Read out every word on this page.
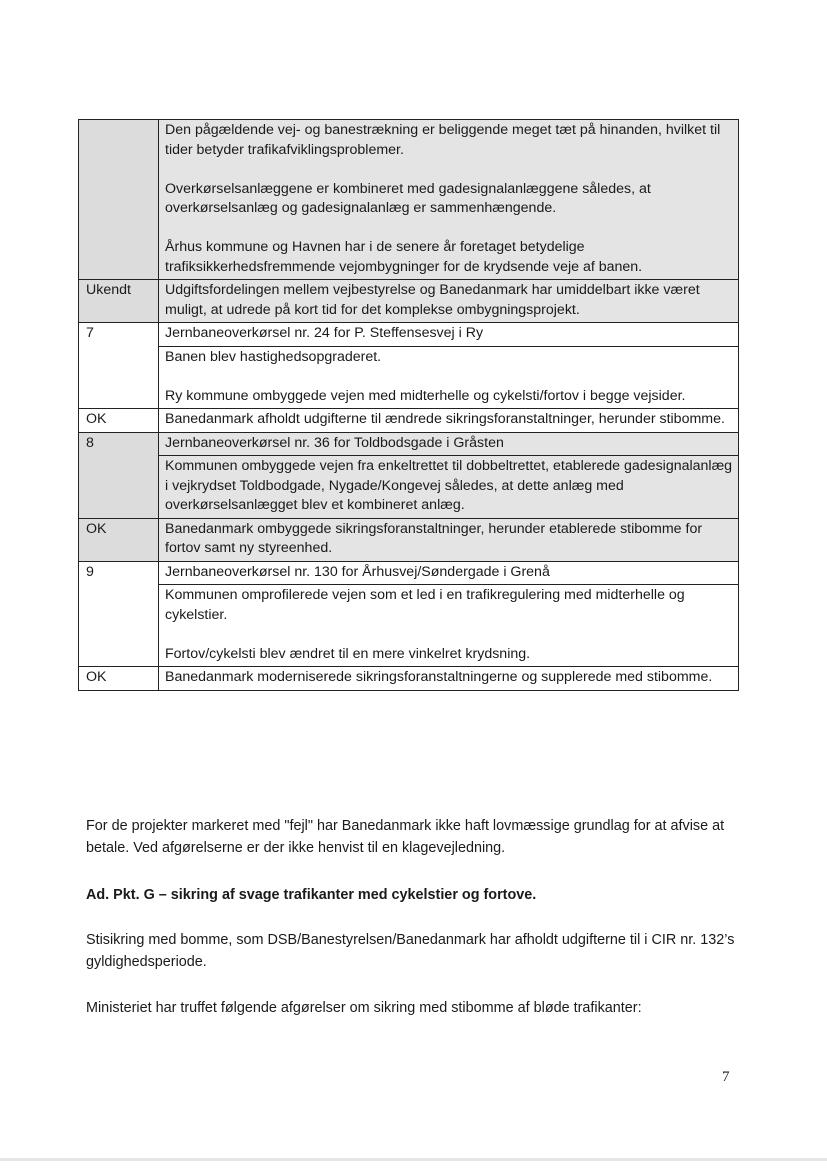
	Den pågældende vej- og banestrækning er beliggende meget tæt på hinanden, hvilket til tider betyder trafikafviklingsproblemer.

Overkørselsanlæggene er kombineret med gadesignalanlæggene således, at overkørselsanlæg og gadesignalanlæg er sammenhængende.

Århus kommune og Havnen har i de senere år foretaget betydelige trafiksikkerhedsfremmende vejombygninger for de krydsende veje af banen.

Ukendt	Udgiftsfordelingen mellem vejbestyrelse og Banedanmark har umiddelbart ikke været muligt, at udrede på kort tid for det komplekse ombygningsprojekt.

7	Jernbaneoverkørsel nr. 24 for P. Steffensesvej i Ry

	Banen blev hastighedsopgraderet.

Ry kommune ombyggede vejen med midterhelle og cykelsti/fortov i begge vejsider.

OK	Banedanmark afholdt udgifterne til ændrede sikringsforanstaltninger, herunder stibomme.

8	Jernbaneoverkørsel nr. 36 for Toldbodsgade i Gråsten

	Kommunen ombyggede vejen fra enkeltrettet til dobbeltrettet, etablerede gadesignalanlæg i vejkrydset Toldbodgade, Nygade/Kongevej således, at dette anlæg med overkørselsanlægget blev et kombineret anlæg.

OK	Banedanmark ombyggede sikringsforanstaltninger, herunder etablerede stibomme for fortov samt ny styreenhed.

9	Jernbaneoverkørsel nr. 130 for Århusvej/Søndergade i Grenå

	Kommunen omprofilerede vejen som et led i en trafikregulering med midterhelle og cykelstier.

Fortov/cykelsti blev ændret til en mere vinkelret krydsning.

OK	Banedanmark moderniserede sikringsforanstaltningerne og supplerede med stibomme.

For de projekter markeret med "fejl" har Banedanmark ikke haft lovmæssige grundlag for at afvise at betale. Ved afgørelserne er der ikke henvist til en klagevejledning.

Ad. Pkt. G – sikring af svage trafikanter med cykelstier og fortove.

Stisikring med bomme, som DSB/Banestyrelsen/Banedanmark har afholdt udgifterne til i CIR nr. 132’s gyldighedsperiode.

Ministeriet har truffet følgende afgørelser om sikring med stibomme af bløde trafikanter:

7
